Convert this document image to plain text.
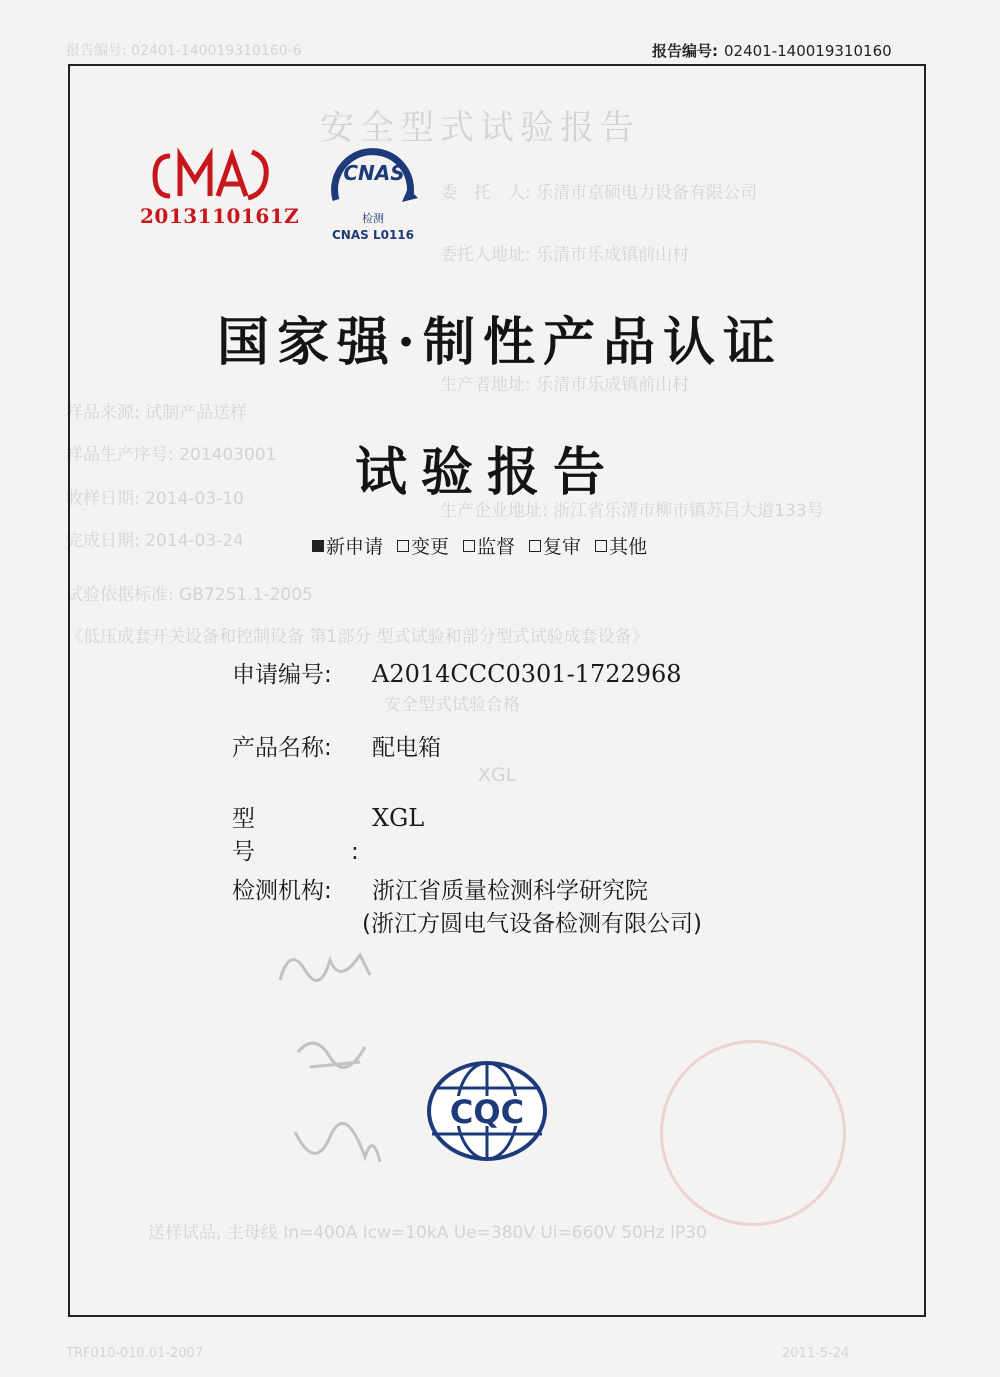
报告编号: 02401-140019310160-6
安全型式试验报告
委　托　人: 乐清市京硕电力设备有限公司
委托人地址: 乐清市乐成镇前山村
生产者地址: 乐清市乐成镇前山村
生产企业地址: 浙江省乐清市柳市镇苏吕大道133号
样品来源: 试制产品送样
样品生产序号: 201403001
收样日期: 2014-03-10
完成日期: 2014-03-24
试验依据标准: GB7251.1-2005
《低压成套开关设备和控制设备 第1部分 型式试验和部分型式试验成套设备》
安全型式试验合格
XGL
送样试品, 主母线 In=400A Icw=10kA Ue=380V Ui=660V 50Hz IP30
TRF010-010.01-2007	2011-5-24
报告编号: 02401-140019310160
2013110161Z
CNAS
检测
CNAS L0116
国家强·制性产品认证
试验报告
新申请 变更 监督 复审 其他
申请编号:	A2014CCC0301-1722968
产品名称:	配电箱
型号:
XGL
检测机构:	浙江省质量检测科学研究院
(浙江方圆电气设备检测有限公司)
CQC
